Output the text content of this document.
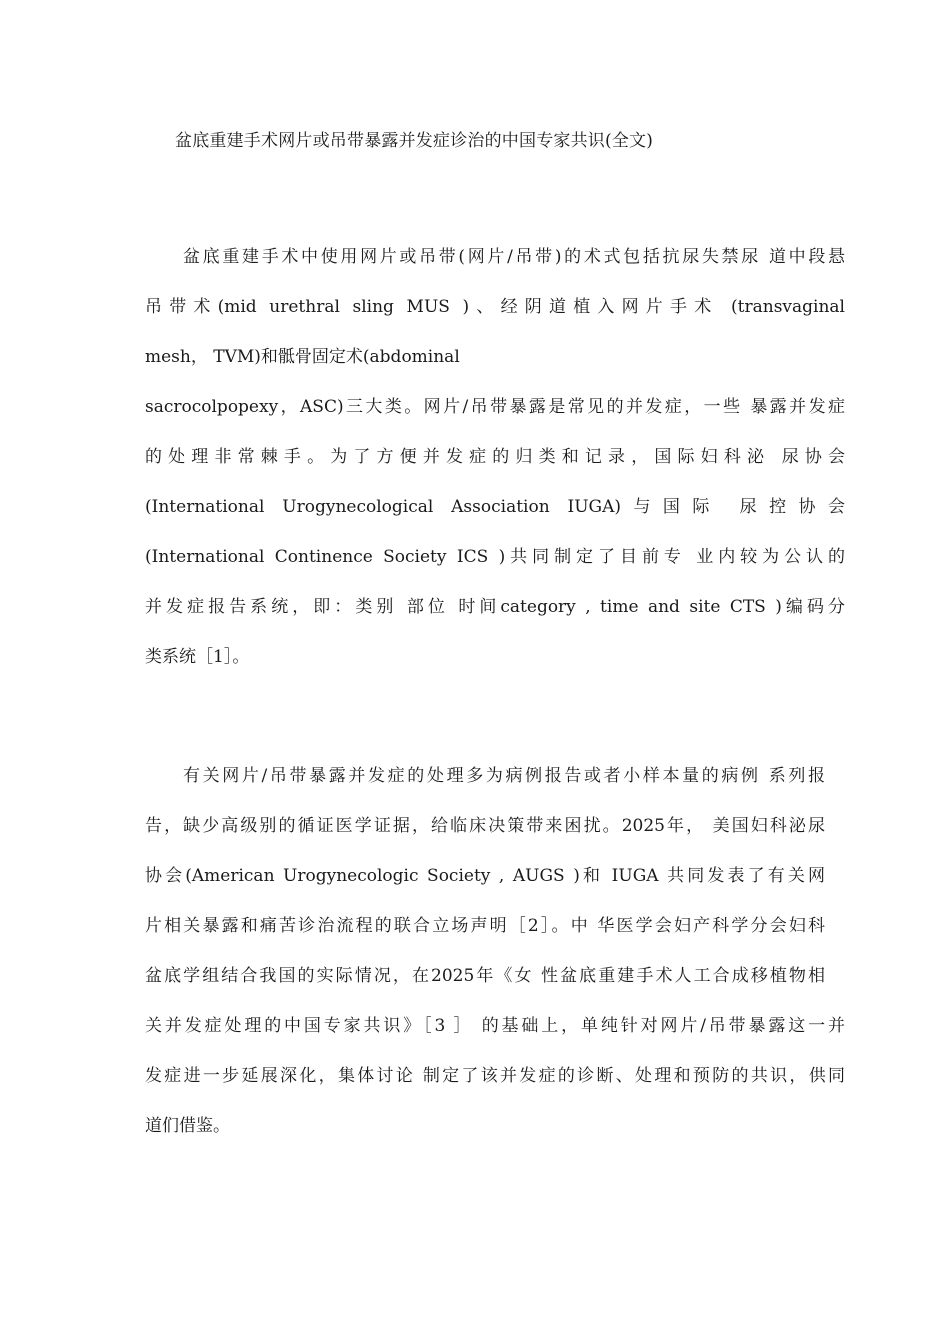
盆底重建手术网片或吊带暴露并发症诊治的中国专家共识(全文)
盆底重建手术中使用网片或吊带(网片/吊带)的术式包括抗尿失禁尿 道中段悬
吊带术(mid urethral sling MUS )、经阴道植入网片手术 (transvaginal
mesh， TVM)和骶骨固定术(abdominal
sacrocolpopexy，ASC)三大类。网片/吊带暴露是常见的并发症，一些 暴露并发症
的处理非常棘手。为了方便并发症的归类和记录，国际妇科泌 尿协会
(International Urogynecological Association IUGA)与国际 尿控协会
(International Continence Society ICS )共同制定了目前专 业内较为公认的
并发症报告系统，即：类别 部位 时间category , time and site CTS )编码分
类系统［1］。
有关网片/吊带暴露并发症的处理多为病例报告或者小样本量的病例 系列报
告，缺少高级别的循证医学证据，给临床决策带来困扰。2025年， 美国妇科泌尿
协会(American Urogynecologic Society , AUGS )和 IUGA 共同发表了有关网
片相关暴露和痛苦诊治流程的联合立场声明［2］。中 华医学会妇产科学分会妇科
盆底学组结合我国的实际情况，在2025年《女 性盆底重建手术人工合成移植物相
关并发症处理的中国专家共识》［3 ］ 的基础上，单纯针对网片/吊带暴露这一并
发症进一步延展深化，集体讨论 制定了该并发症的诊断、处理和预防的共识，供同
道们借鉴。
